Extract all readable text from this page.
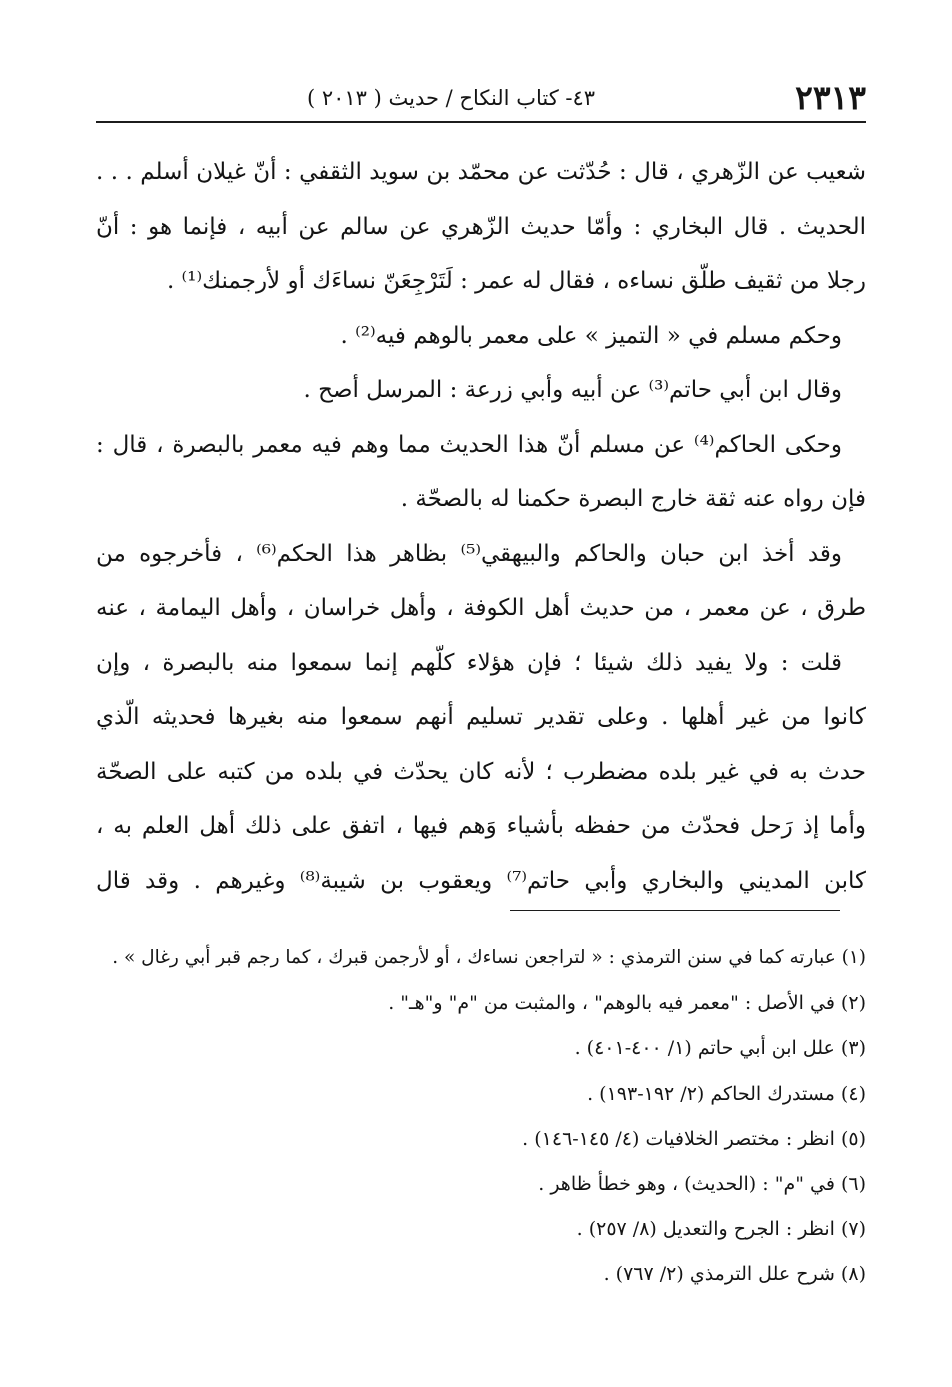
٢٣١٣
٤٣- كتاب النكاح / حديث ( ٢٠١٣ )
شعيب عن الزّهري ، قال : حُدّثت عن محمّد بن سويد الثقفي : أنّ غيلان أسلم . . .
الحديث . قال البخاري : وأمّا حديث الزّهري عن سالم عن أبيه ، فإنما هو : أنّ
رجلا من ثقيف طلّق نساءه ، فقال له عمر : لَتَرْجِعَنّ نساءَك أو لأرجمنك⁽¹⁾ .
وحكم مسلم في « التميز » على معمر بالوهم فيه⁽²⁾ .
وقال ابن أبي حاتم⁽³⁾ عن أبيه وأبي زرعة : المرسل أصح .
وحكى الحاكم⁽⁴⁾ عن مسلم أنّ هذا الحديث مما وهم فيه معمر بالبصرة ، قال :
فإن رواه عنه ثقة خارج البصرة حكمنا له بالصحّة .
وقد أخذ ابن حبان والحاكم والبيهقي⁽⁵⁾ بظاهر هذا الحكم⁽⁶⁾ ، فأخرجوه من
طرق ، عن معمر ، من حديث أهل الكوفة ، وأهل خراسان ، وأهل اليمامة ، عنه
قلت : ولا يفيد ذلك شيئا ؛ فإن هؤلاء كلّهم إنما سمعوا منه بالبصرة ، وإن
كانوا من غير أهلها . وعلى تقدير تسليم أنهم سمعوا منه بغيرها فحديثه الّذي
حدث به في غير بلده مضطرب ؛ لأنه كان يحدّث في بلده من كتبه على الصحّة
وأما إذ رَحل فحدّث من حفظه بأشياء وَهم فيها ، اتفق على ذلك أهل العلم به ،
كابن المديني والبخاري وأبي حاتم⁽⁷⁾ ويعقوب بن شيبة⁽⁸⁾ وغيرهم . وقد قال
(١) عبارته كما في سنن الترمذي : « لتراجعن نساءك ، أو لأرجمن قبرك ، كما رجم قبر أبي رغال » .
(٢) في الأصل : "معمر فيه بالوهم" ، والمثبت من "م" و"هـ" .
(٣) علل ابن أبي حاتم (١/ ٤٠٠-٤٠١) .
(٤) مستدرك الحاكم (٢/ ١٩٢-١٩٣) .
(٥) انظر : مختصر الخلافيات (٤/ ١٤٥-١٤٦) .
(٦) في "م" : (الحديث) ، وهو خطأ ظاهر .
(٧) انظر : الجرح والتعديل (٨/ ٢٥٧) .
(٨) شرح علل الترمذي (٢/ ٧٦٧) .
